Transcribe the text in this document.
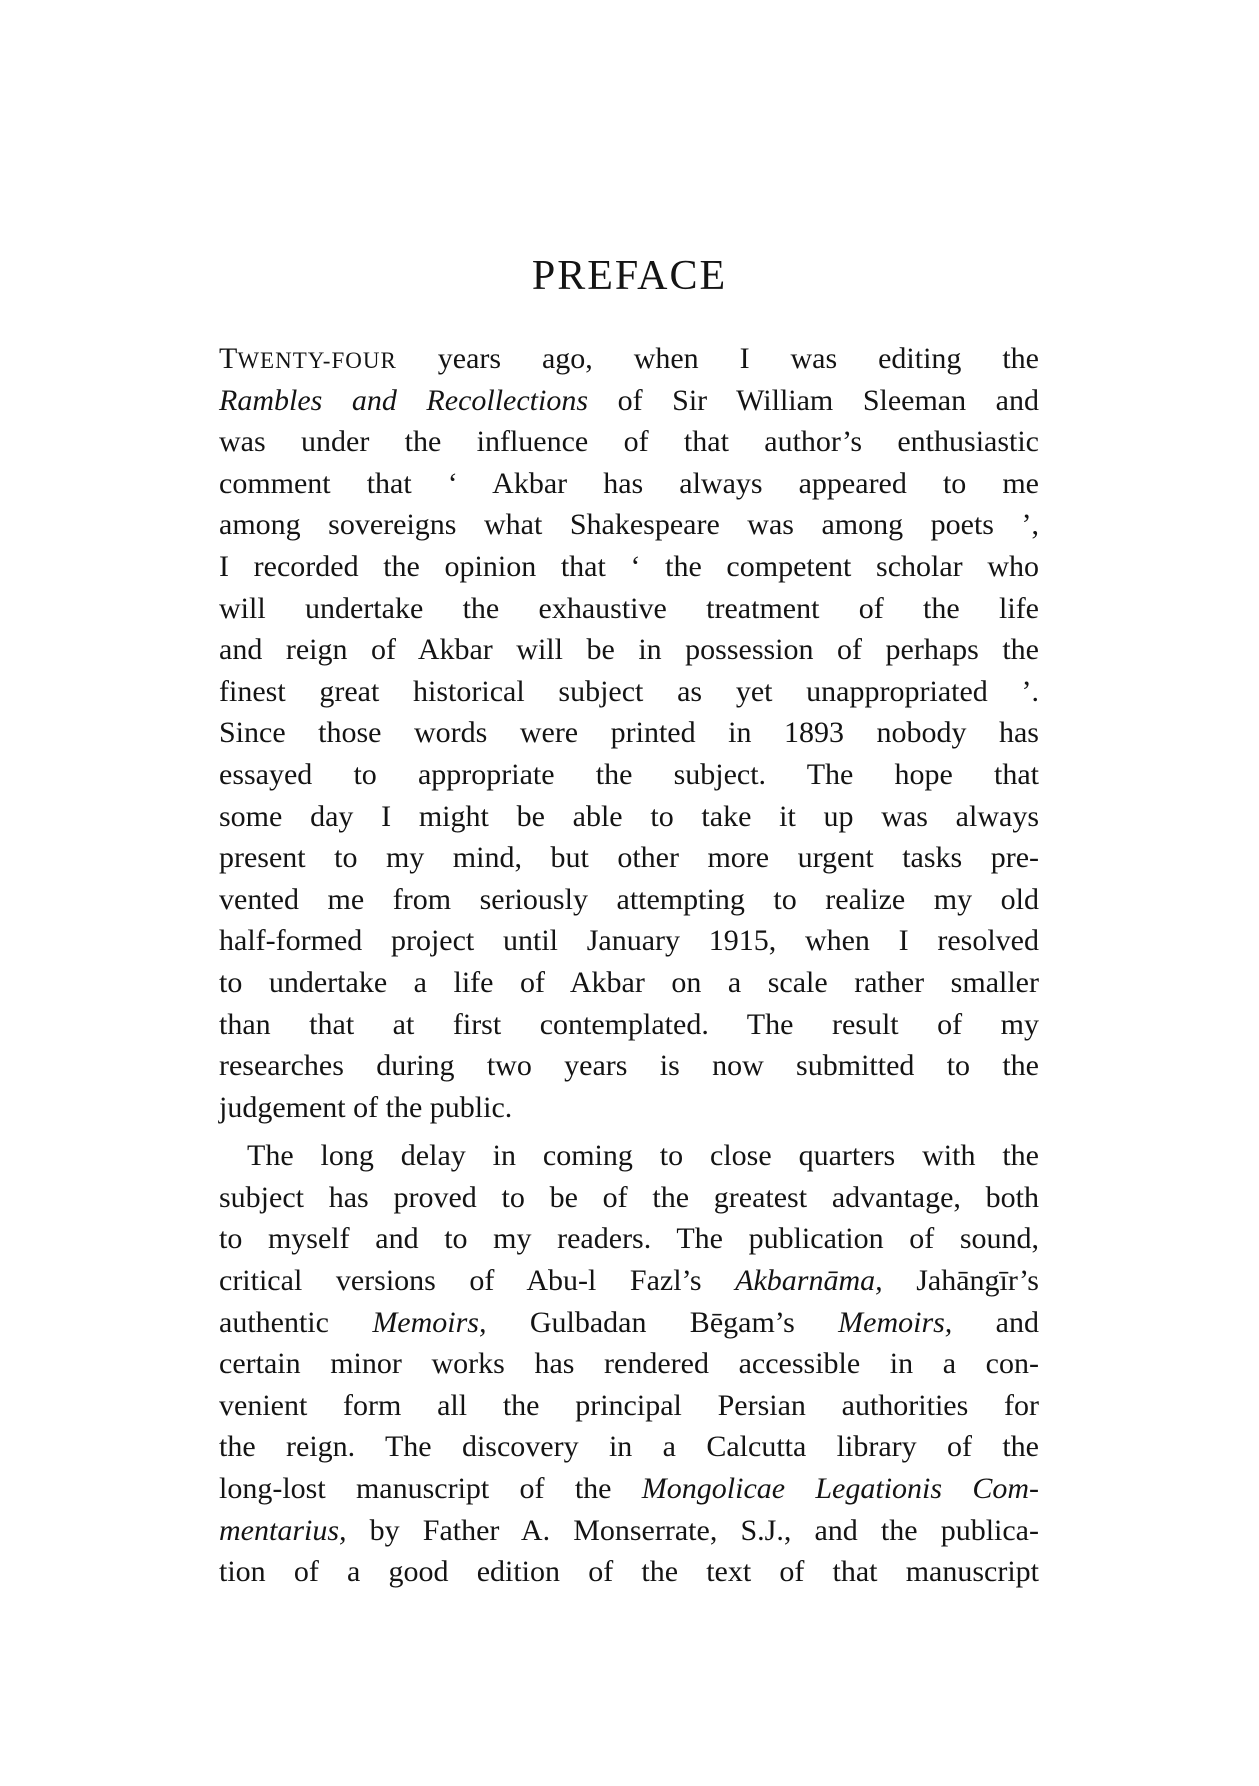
PREFACE
TWENTY-FOUR years ago, when I was editing the
Rambles and Recollections of Sir William Sleeman and
was under the influence of that author’s enthusiastic
comment that ‘ Akbar has always appeared to me
among sovereigns what Shakespeare was among poets ’,
I recorded the opinion that ‘ the competent scholar who
will undertake the exhaustive treatment of the life
and reign of Akbar will be in possession of perhaps the
finest great historical subject as yet unappropriated ’.
Since those words were printed in 1893 nobody has
essayed to appropriate the subject. The hope that
some day I might be able to take it up was always
present to my mind, but other more urgent tasks pre-
vented me from seriously attempting to realize my old
half-formed project until January 1915, when I resolved
to undertake a life of Akbar on a scale rather smaller
than that at first contemplated. The result of my
researches during two years is now submitted to the
judgement of the public.
The long delay in coming to close quarters with the
subject has proved to be of the greatest advantage, both
to myself and to my readers. The publication of sound,
critical versions of Abu-l Fazl’s Akbarnāma, Jahāngīr’s
authentic Memoirs, Gulbadan Bēgam’s Memoirs, and
certain minor works has rendered accessible in a con-
venient form all the principal Persian authorities for
the reign. The discovery in a Calcutta library of the
long-lost manuscript of the Mongolicae Legationis Com-
mentarius, by Father A. Monserrate, S.J., and the publica-
tion of a good edition of the text of that manuscript
